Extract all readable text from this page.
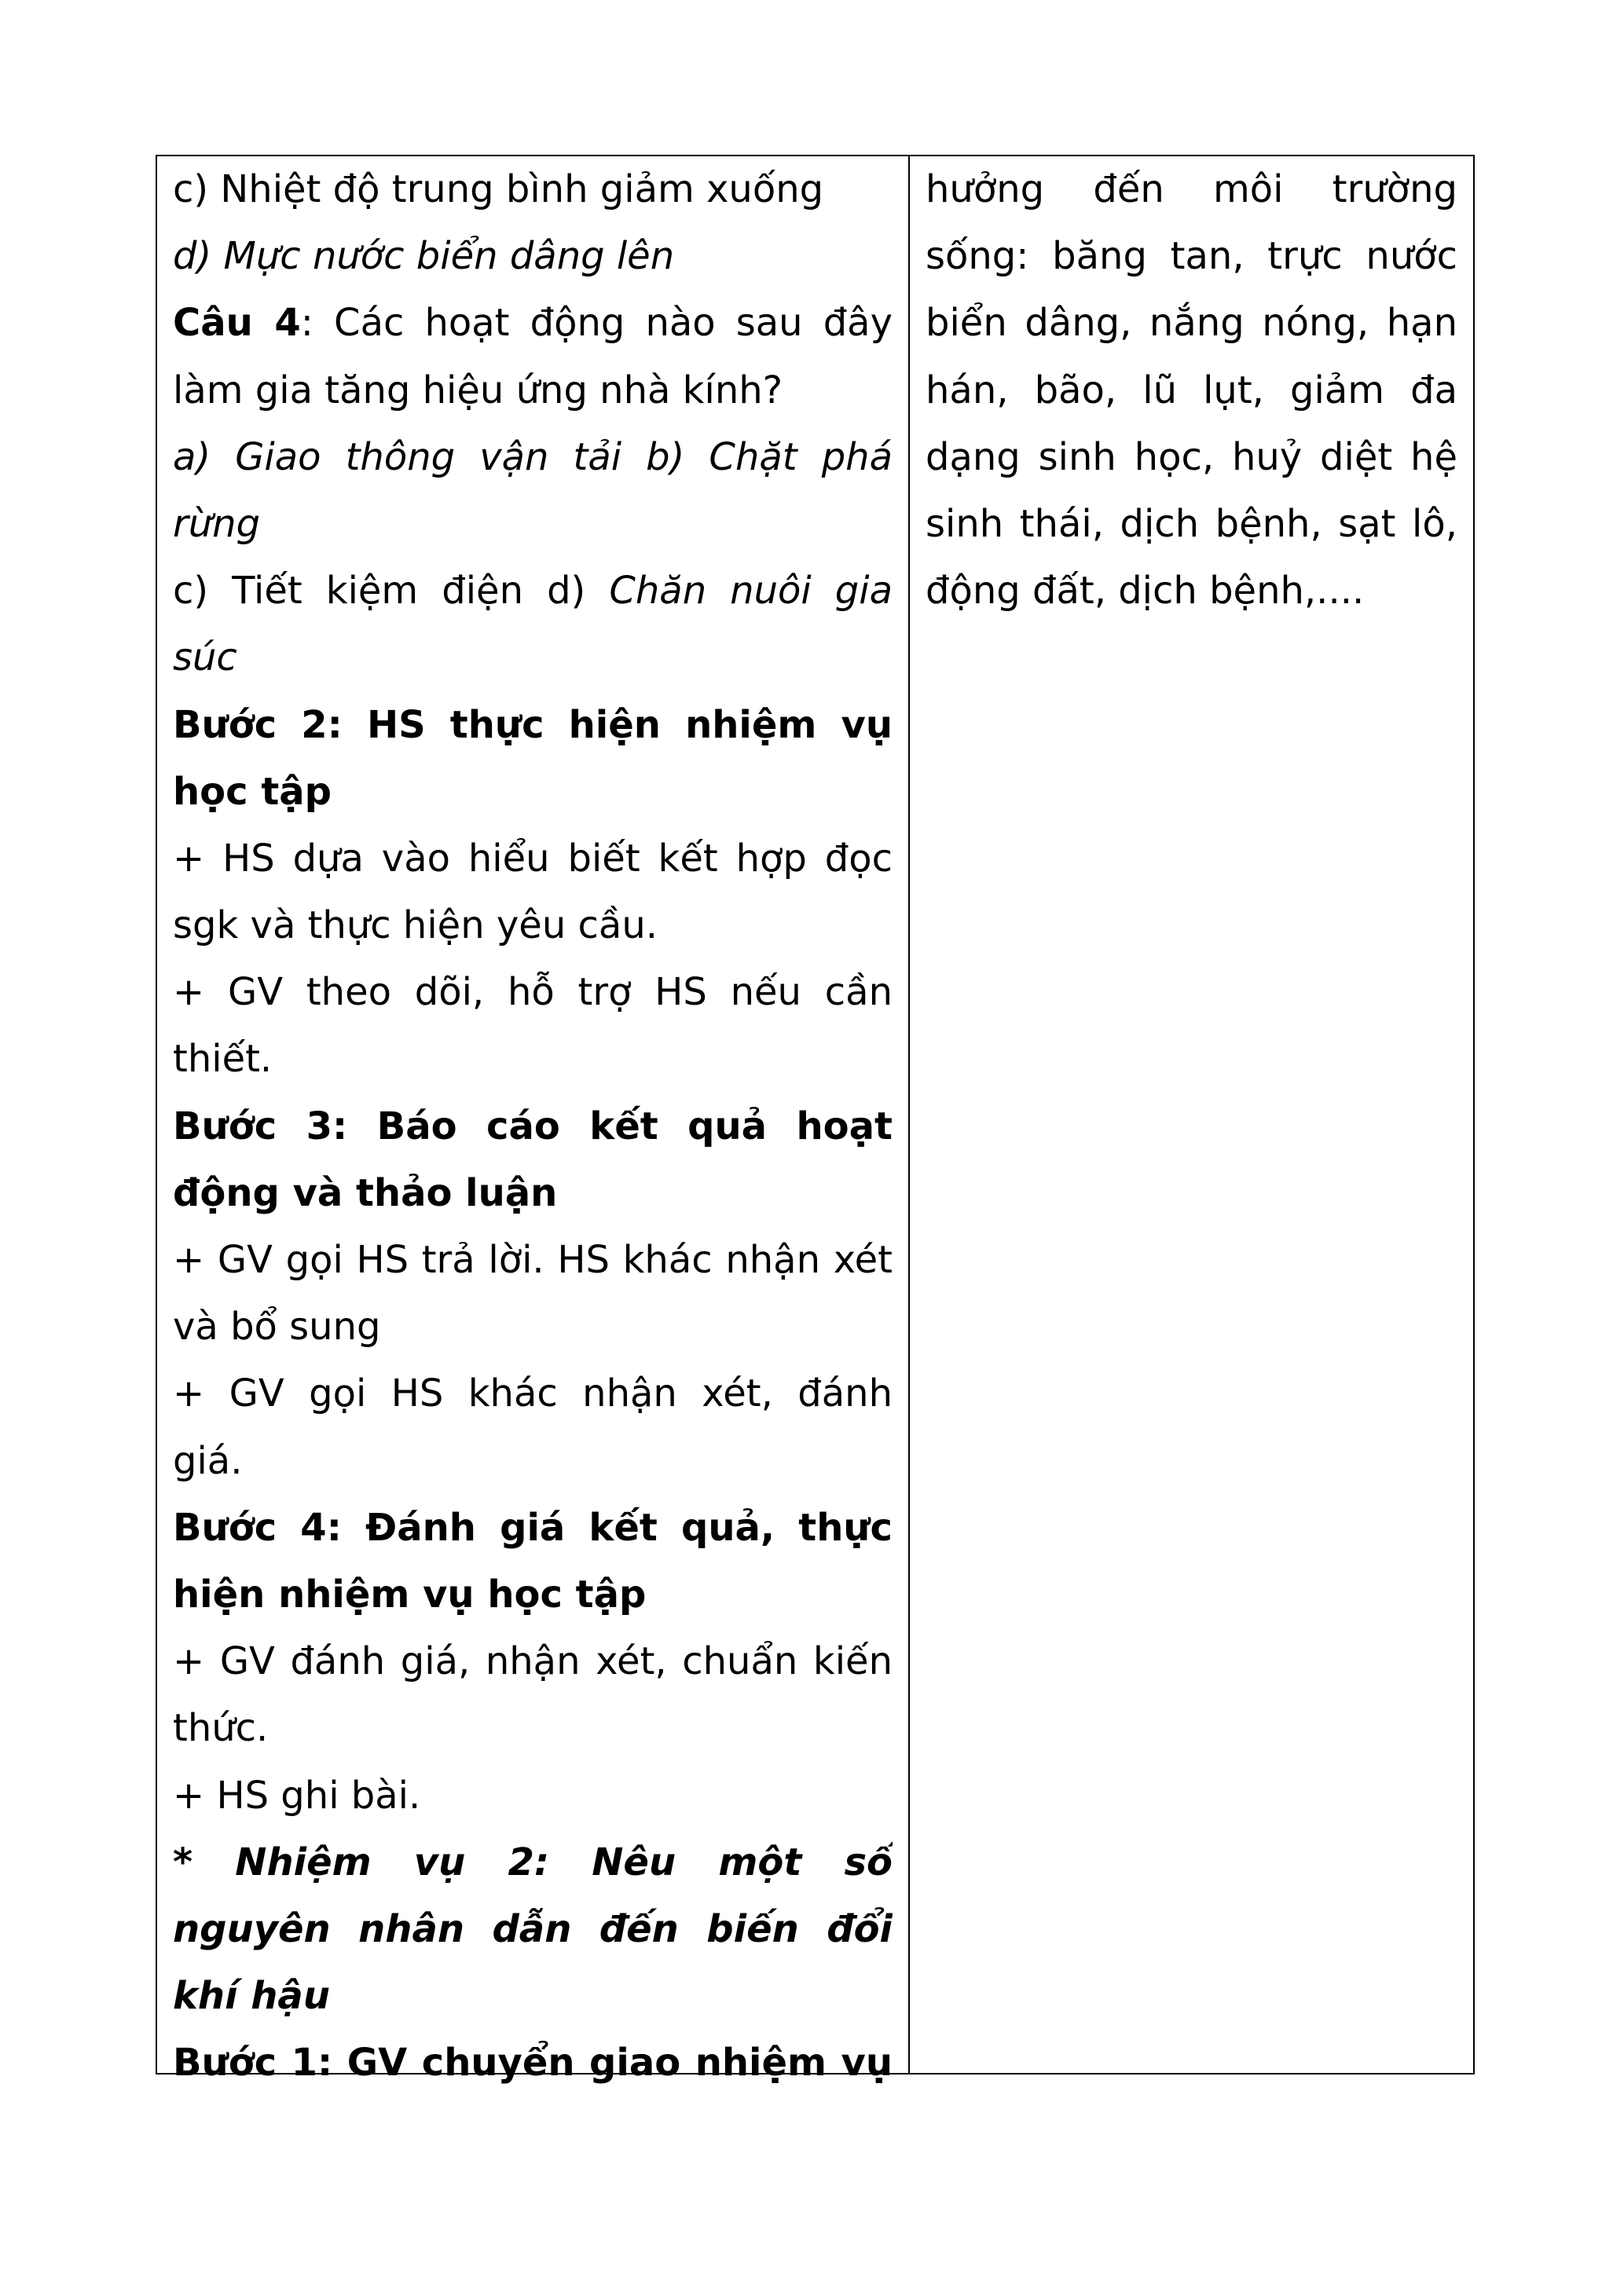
c) Nhiệt độ trung bình giảm xuống
d) Mực nước biển dâng lên
Câu 4: Các hoạt động nào sau đây
làm gia tăng hiệu ứng nhà kính?
a) Giao thông vận tải b) Chặt phá
rừng
c) Tiết kiệm điện d) Chăn nuôi gia
súc
Bước 2: HS thực hiện nhiệm vụ
học tập
+ HS dựa vào hiểu biết kết hợp đọc
sgk và thực hiện yêu cầu.
+ GV theo dõi, hỗ trợ HS nếu cần
thiết.
Bước 3: Báo cáo kết quả hoạt
động và thảo luận
+ GV gọi HS trả lời. HS khác nhận xét
và bổ sung
+ GV gọi HS khác nhận xét, đánh
giá.
Bước 4: Đánh giá kết quả, thực
hiện nhiệm vụ học tập
+ GV đánh giá, nhận xét, chuẩn kiến
thức.
+ HS ghi bài.
* Nhiệm vụ 2: Nêu một số
nguyên nhân dẫn đến biến đổi
khí hậu
Bước 1: GV chuyển giao nhiệm vụ
hưởng đến môi trường
sống: băng tan, trực nước
biển dâng, nắng nóng, hạn
hán, bão, lũ lụt, giảm đa
dạng sinh học, huỷ diệt hệ
sinh thái, dịch bệnh, sạt lô,
động đất, dịch bệnh,....
